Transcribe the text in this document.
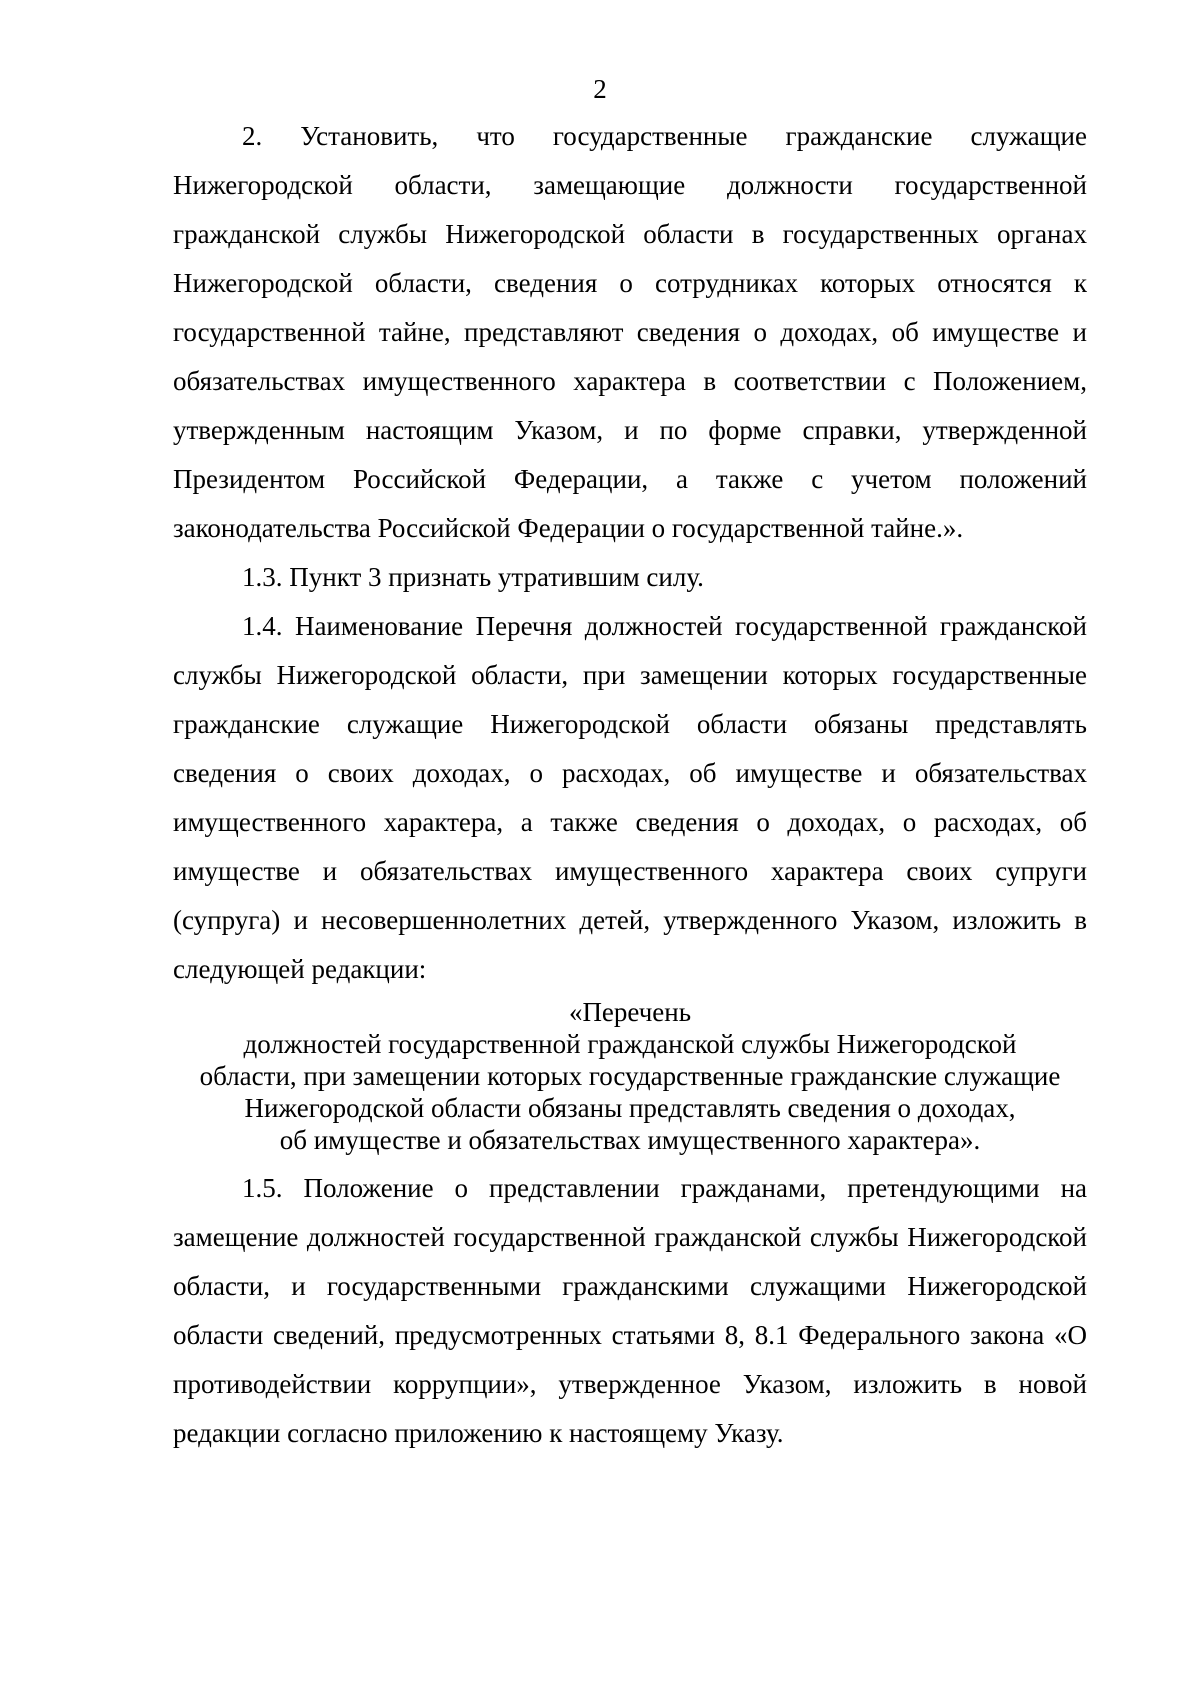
2

2. Установить, что государственные гражданские служащие Нижегородской области, замещающие должности государственной гражданской службы Нижегородской области в государственных органах Нижегородской области, сведения о сотрудниках которых относятся к государственной тайне, представляют сведения о доходах, об имуществе и обязательствах имущественного характера в соответствии с Положением, утвержденным настоящим Указом, и по форме справки, утвержденной Президентом Российской Федерации, а также с учетом положений законодательства Российской Федерации о государственной тайне.».

1.3. Пункт 3 признать утратившим силу.

1.4. Наименование Перечня должностей государственной гражданской службы Нижегородской области, при замещении которых государственные гражданские служащие Нижегородской области обязаны представлять сведения о своих доходах, о расходах, об имуществе и обязательствах имущественного характера, а также сведения о доходах, о расходах, об имуществе и обязательствах имущественного характера своих супруги (супруга) и несовершеннолетних детей, утвержденного Указом, изложить в следующей редакции:

«Перечень
должностей государственной гражданской службы Нижегородской
области, при замещении которых государственные гражданские служащие
Нижегородской области обязаны представлять сведения о доходах,
об имуществе и обязательствах имущественного характера».

1.5. Положение о представлении гражданами, претендующими на замещение должностей государственной гражданской службы Нижегородской области, и государственными гражданскими служащими Нижегородской области сведений, предусмотренных статьями 8, 8.1 Федерального закона «О противодействии коррупции», утвержденное Указом, изложить в новой редакции согласно приложению к настоящему Указу.
